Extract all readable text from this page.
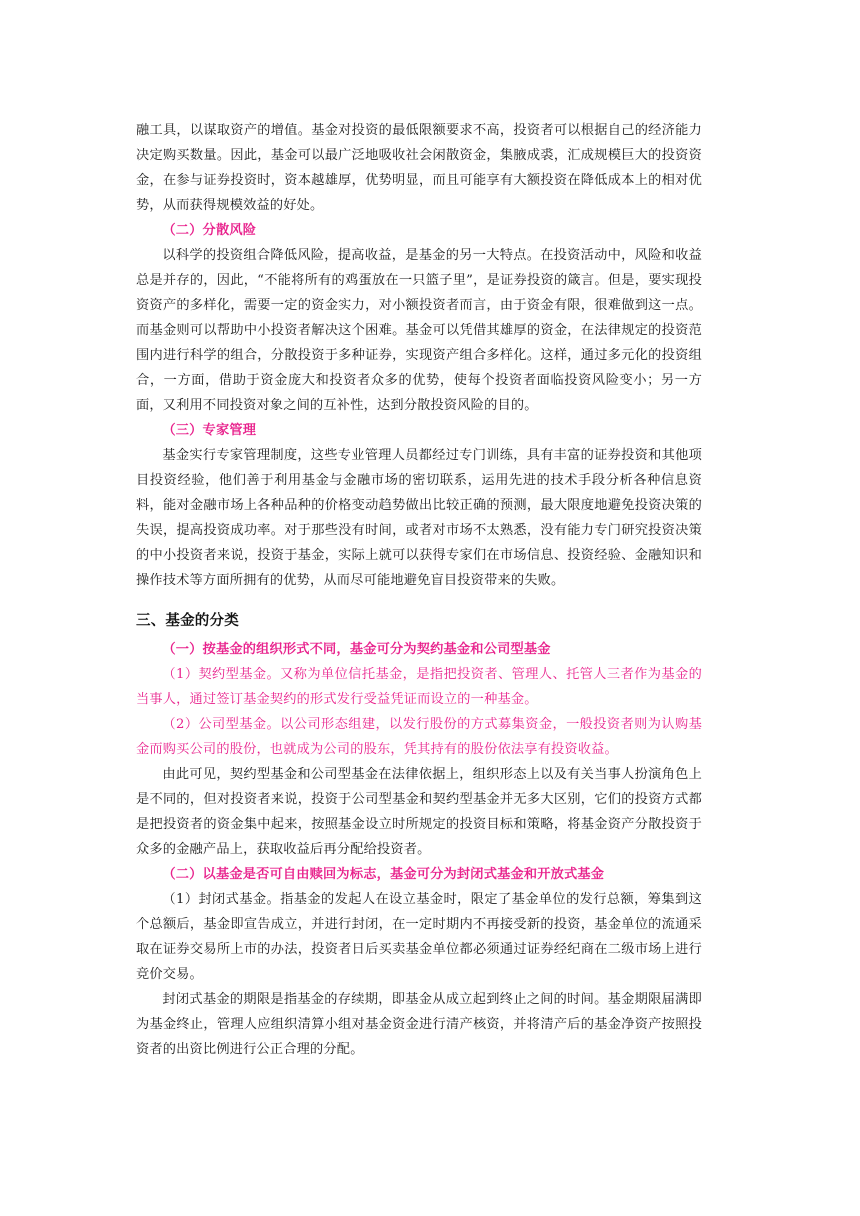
融工具，以谋取资产的增值。基金对投资的最低限额要求不高，投资者可以根据自己的经济能力决定购买数量。因此，基金可以最广泛地吸收社会闲散资金，集腋成裘，汇成规模巨大的投资资金，在参与证券投资时，资本越雄厚，优势明显，而且可能享有大额投资在降低成本上的相对优势，从而获得规模效益的好处。

（二）分散风险

以科学的投资组合降低风险，提高收益，是基金的另一大特点。在投资活动中，风险和收益总是并存的，因此，“不能将所有的鸡蛋放在一只篮子里”，是证券投资的箴言。但是，要实现投资资产的多样化，需要一定的资金实力，对小额投资者而言，由于资金有限，很难做到这一点。而基金则可以帮助中小投资者解决这个困难。基金可以凭借其雄厚的资金，在法律规定的投资范围内进行科学的组合，分散投资于多种证券，实现资产组合多样化。这样，通过多元化的投资组合，一方面，借助于资金庞大和投资者众多的优势，使每个投资者面临投资风险变小；另一方面，又利用不同投资对象之间的互补性，达到分散投资风险的目的。

（三）专家管理

基金实行专家管理制度，这些专业管理人员都经过专门训练，具有丰富的证券投资和其他项目投资经验，他们善于利用基金与金融市场的密切联系，运用先进的技术手段分析各种信息资料，能对金融市场上各种品种的价格变动趋势做出比较正确的预测，最大限度地避免投资决策的失误，提高投资成功率。对于那些没有时间，或者对市场不太熟悉，没有能力专门研究投资决策的中小投资者来说，投资于基金，实际上就可以获得专家们在市场信息、投资经验、金融知识和操作技术等方面所拥有的优势，从而尽可能地避免盲目投资带来的失败。

三、基金的分类

（一）按基金的组织形式不同，基金可分为契约基金和公司型基金

（1）契约型基金。又称为单位信托基金，是指把投资者、管理人、托管人三者作为基金的当事人，通过签订基金契约的形式发行受益凭证而设立的一种基金。

（2）公司型基金。以公司形态组建，以发行股份的方式募集资金，一般投资者则为认购基金而购买公司的股份，也就成为公司的股东，凭其持有的股份依法享有投资收益。

由此可见，契约型基金和公司型基金在法律依据上，组织形态上以及有关当事人扮演角色上是不同的，但对投资者来说，投资于公司型基金和契约型基金并无多大区别，它们的投资方式都是把投资者的资金集中起来，按照基金设立时所规定的投资目标和策略，将基金资产分散投资于众多的金融产品上，获取收益后再分配给投资者。

（二）以基金是否可自由赎回为标志，基金可分为封闭式基金和开放式基金

（1）封闭式基金。指基金的发起人在设立基金时，限定了基金单位的发行总额，筹集到这个总额后，基金即宣告成立，并进行封闭，在一定时期内不再接受新的投资，基金单位的流通采取在证券交易所上市的办法，投资者日后买卖基金单位都必须通过证券经纪商在二级市场上进行竞价交易。

封闭式基金的期限是指基金的存续期，即基金从成立起到终止之间的时间。基金期限届满即为基金终止，管理人应组织清算小组对基金资金进行清产核资，并将清产后的基金净资产按照投资者的出资比例进行公正合理的分配。
